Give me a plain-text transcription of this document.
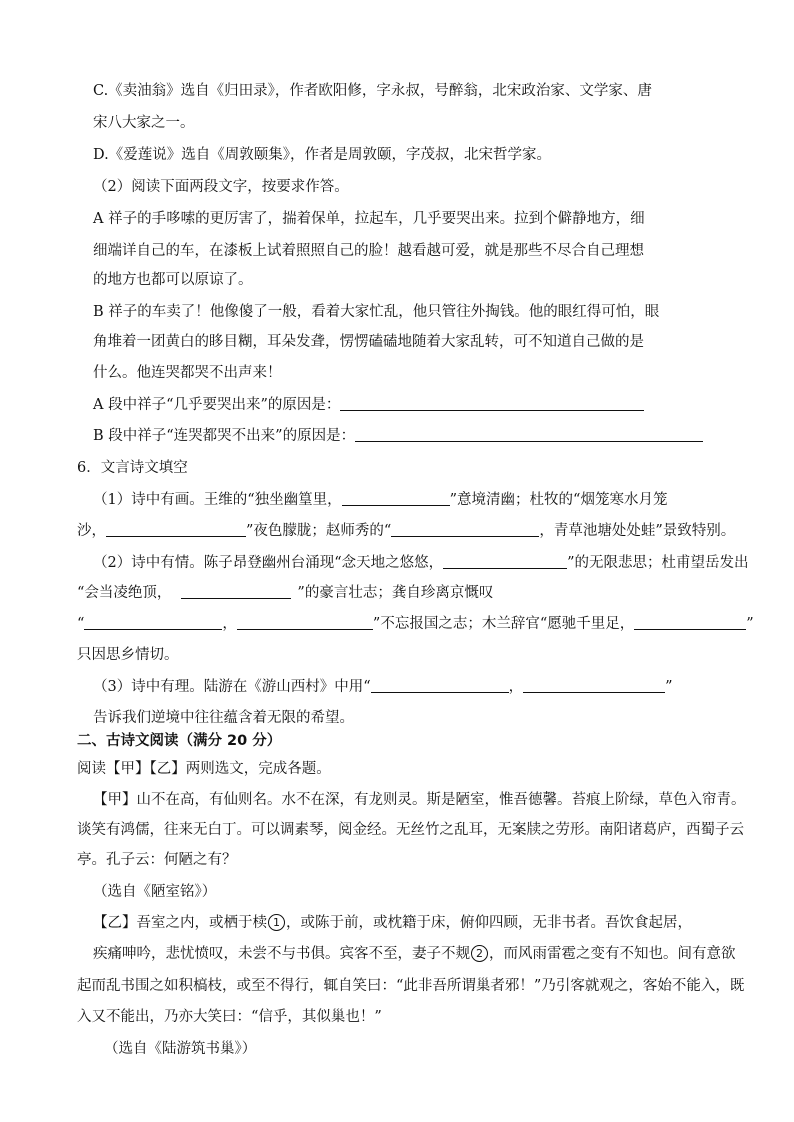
C.《卖油翁》选自《归田录》，作者欧阳修，字永叔，号醉翁，北宋政治家、文学家、唐
宋八大家之一。
D.《爱莲说》选自《周敦颐集》，作者是周敦颐，字茂叔，北宋哲学家。
（2）阅读下面两段文字，按要求作答。
A 祥子的手哆嗦的更厉害了，揣着保单，拉起车，几乎要哭出来。拉到个僻静地方，细
细端详自己的车，在漆板上试着照照自己的脸！越看越可爱，就是那些不尽合自己理想
的地方也都可以原谅了。
B 祥子的车卖了！他像傻了一般，看着大家忙乱，他只管往外掏钱。他的眼红得可怕，眼
角堆着一团黄白的眵目糊，耳朵发聋，愣愣磕磕地随着大家乱转，可不知道自己做的是
什么。他连哭都哭不出声来！
A 段中祥子“几乎要哭出来”的原因是：
B 段中祥子“连哭都哭不出来”的原因是：
6．文言诗文填空
（1）诗中有画。王维的“独坐幽篁里，	”意境清幽；杜牧的“烟笼寒水月笼
沙，	”夜色朦胧；赵师秀的“	，青草池塘处处蛙”景致特别。
（2）诗中有情。陈子昂登幽州台涌现“念天地之悠悠，	”的无限悲思；杜甫望岳发出
“会当凌绝顶，	”的豪言壮志；龚自珍离京慨叹
“	，	”不忘报国之志；木兰辞官“愿驰千里足，	”
只因思乡情切。
（3）诗中有理。陆游在《游山西村》中用“	，	”
告诉我们逆境中往往蕴含着无限的希望。
二、古诗文阅读（满分 20 分）
阅读【甲】【乙】两则选文，完成各题。
【甲】山不在高，有仙则名。水不在深，有龙则灵。斯是陋室，惟吾德馨。苔痕上阶绿，草色入帘青。
谈笑有鸿儒，往来无白丁。可以调素琴，阅金经。无丝竹之乱耳，无案牍之劳形。南阳诸葛庐，西蜀子云
亭。孔子云：何陋之有？
（选自《陋室铭》）
【乙】吾室之内，或栖于椟 1 ，或陈于前，或枕籍于床，俯仰四顾，无非书者。吾饮食起居，
疾痛呻吟，悲忧愤叹，未尝不与书俱。宾客不至，妻子不觌 2 ，而风雨雷雹之变有不知也。间有意欲
起而乱书围之如积槁枝，或至不得行，辄自笑曰：“此非吾所谓巢者邪！”乃引客就观之，客始不能入，既
入又不能出，乃亦大笑曰：“信乎，其似巢也！”
（选自《陆游筑书巢》）
